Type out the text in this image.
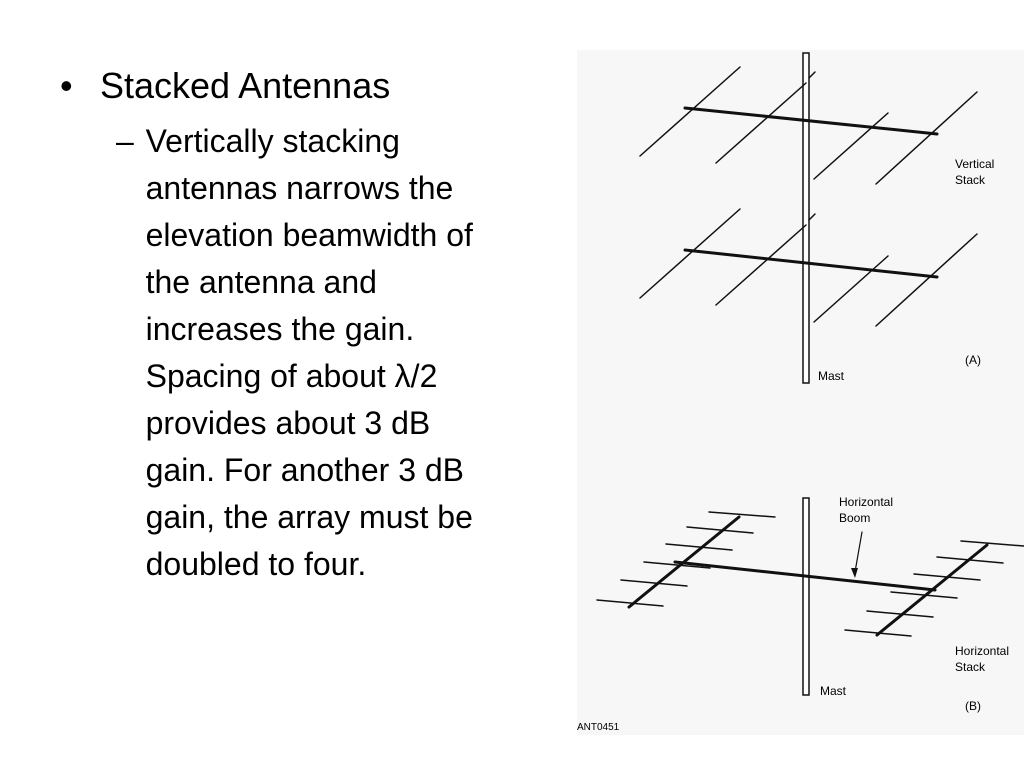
• Stacked Antennas
– Vertically stacking
antennas narrows the
elevation beamwidth of
the antenna and
increases the gain.
Spacing of about λ/2
provides about 3 dB
gain. For another 3 dB
gain, the array must be
doubled to four.
Vertical
Stack
Mast
(A)
Horizontal
Boom
Horizontal
Stack
Mast
(B)
ANT0451
